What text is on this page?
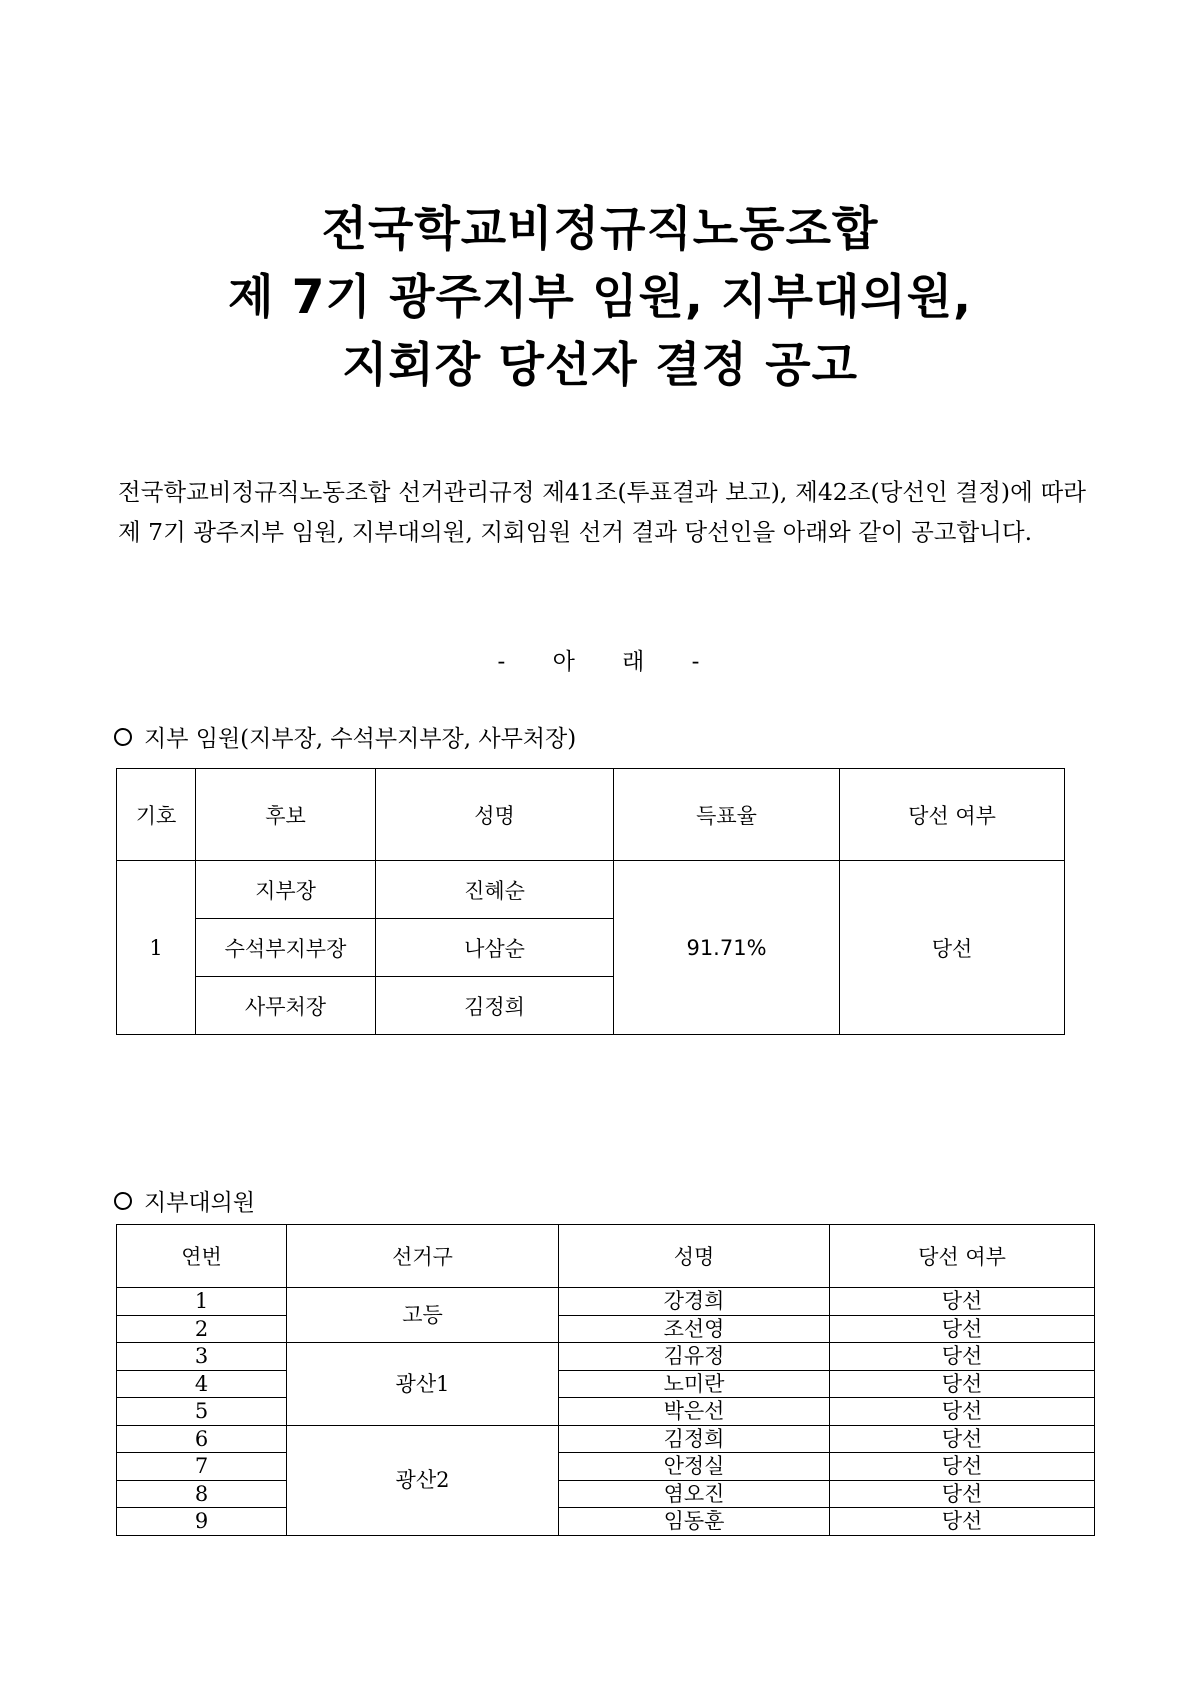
전국학교비정규직노동조합
제 7기 광주지부 임원, 지부대의원,
지회장 당선자 결정 공고
전국학교비정규직노동조합 선거관리규정 제41조(투표결과 보고), 제42조(당선인 결정)에 따라 제 7기 광주지부 임원, 지부대의원, 지회임원 선거 결과 당선인을 아래와 같이 공고합니다.
- 아 래 -
지부 임원(지부장, 수석부지부장, 사무처장)
기호	후보	성명	득표율	당선 여부
1	지부장	진혜순	91.71%	당선
	수석부지부장	나삼순		
	사무처장	김정희		
지부대의원
연번	선거구	성명	당선 여부
1	고등	강경희	당선
2		조선영	당선
3	광산1	김유정	당선
4		노미란	당선
5		박은선	당선
6	광산2	김정희	당선
7		안정실	당선
8		염오진	당선
9		임동훈	당선
